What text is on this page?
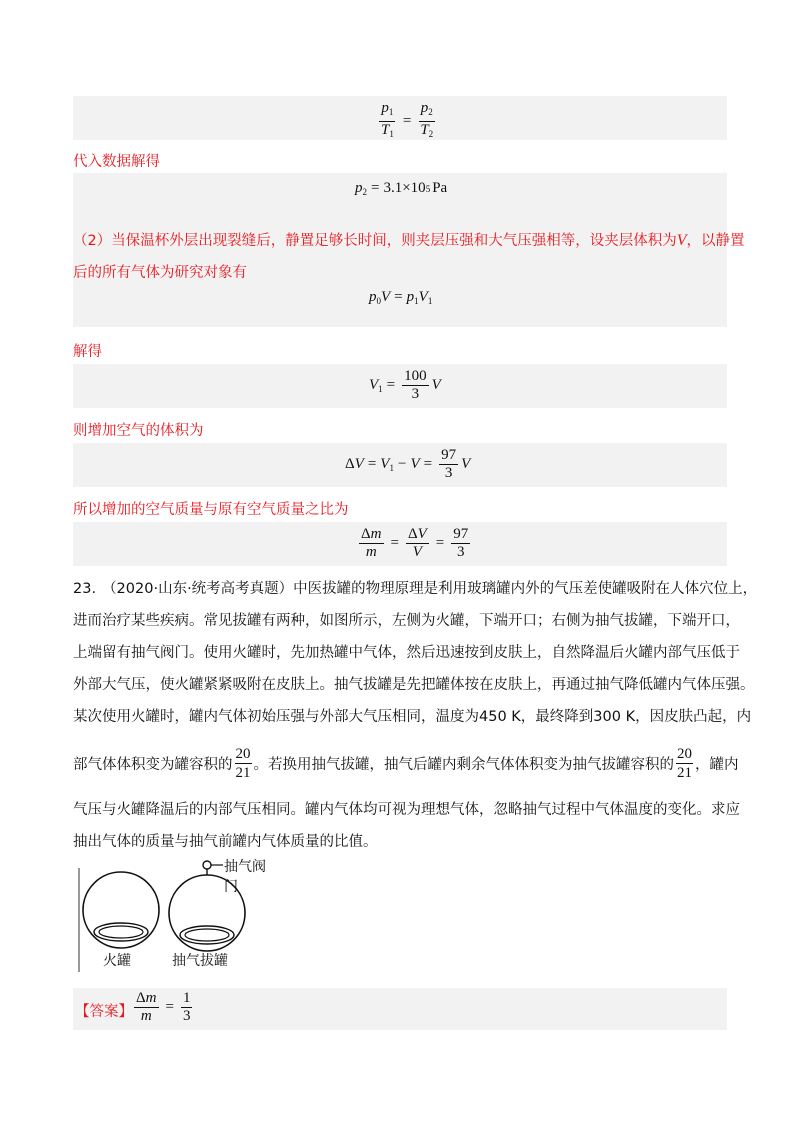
$\frac{p_1}{T_1} = \frac{p_2}{T_2}$
代入数据解得
$p_2 = 3.1\times 10$ 5 Pa
（2）当保温杯外层出现裂缝后，静置足够长时间，则夹层压强和大气压强相等，设夹层体积为V，以静置
后的所有气体为研究对象有
$p_0V = p_1V_1$
解得
$V_1 = \frac{100}{3}$ V
则增加空气的体积为
$\Delta V = V_1 - V = \frac{97}{3}$ V
所以增加的空气质量与原有空气质量之比为
$\frac{\Delta m}{m} = \frac{\Delta V}{V} = \frac{97}{3}$
23. （2020·山东·统考高考真题）中医拔罐的物理原理是利用玻璃罐内外的气压差使罐吸附在人体穴位上，
进而治疗某些疾病。常见拔罐有两种，如图所示，左侧为火罐，下端开口；右侧为抽气拔罐，下端开口，
上端留有抽气阀门。使用火罐时，先加热罐中气体，然后迅速按到皮肤上，自然降温后火罐内部气压低于
外部大气压，使火罐紧紧吸附在皮肤上。抽气拔罐是先把罐体按在皮肤上，再通过抽气降低罐内气体压强。
某次使用火罐时，罐内气体初始压强与外部大气压相同，温度为450 K，最终降到300 K，因皮肤凸起，内
部气体体积变为罐容积的 $\frac{20}{21}$ 。若换用抽气拔罐，抽气后罐内剩余气体体积变为抽气拔罐容积的 $\frac{20}{21}$ ，罐内
气压与火罐降温后的内部气压相同。罐内气体均可视为理想气体，忽略抽气过程中气体温度的变化。求应
抽出气体的质量与抽气前罐内气体质量的比值。
抽气阀门
火罐	抽气拔罐
【答案】 $\frac{\Delta m}{m} = \frac{1}{3}$
